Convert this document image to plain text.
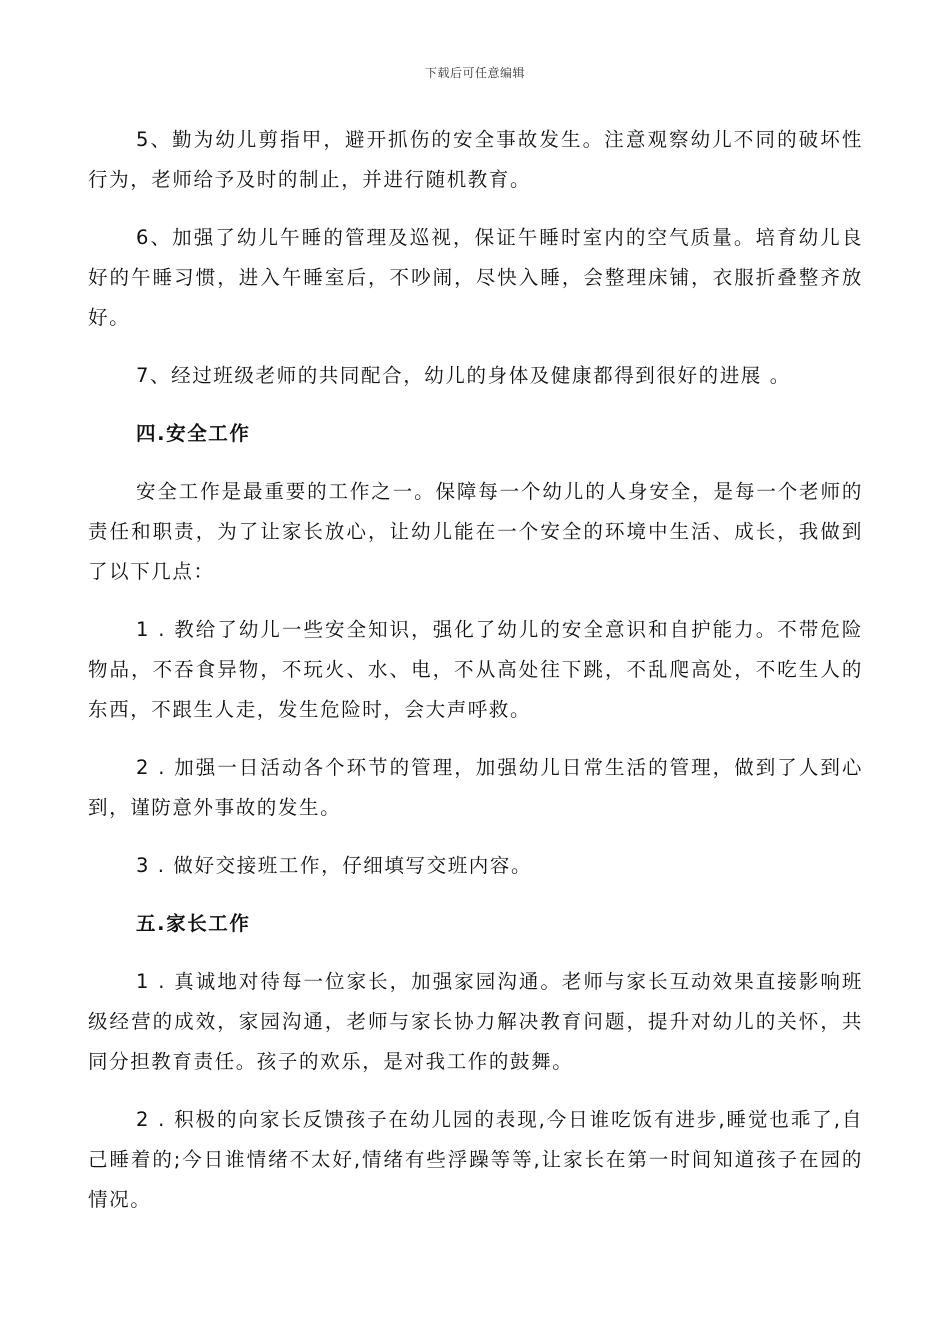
下载后可任意编辑

5、勤为幼儿剪指甲，避开抓伤的安全事故发生。注意观察幼儿不同的破坏性行为，老师给予及时的制止，并进行随机教育。

6、加强了幼儿午睡的管理及巡视，保证午睡时室内的空气质量。培育幼儿良好的午睡习惯，进入午睡室后，不吵闹，尽快入睡，会整理床铺，衣服折叠整齐放好。

7、经过班级老师的共同配合，幼儿的身体及健康都得到很好的进展 。

四.安全工作

安全工作是最重要的工作之一。保障每一个幼儿的人身安全，是每一个老师的责任和职责，为了让家长放心，让幼儿能在一个安全的环境中生活、成长，我做到了以下几点：

1 . 教给了幼儿一些安全知识，强化了幼儿的安全意识和自护能力。不带危险物品，不吞食异物，不玩火、水、电，不从高处往下跳，不乱爬高处，不吃生人的东西，不跟生人走，发生危险时，会大声呼救。

2 . 加强一日活动各个环节的管理，加强幼儿日常生活的管理，做到了人到心到，谨防意外事故的发生。

3 . 做好交接班工作，仔细填写交班内容。

五.家长工作

1 . 真诚地对待每一位家长，加强家园沟通。老师与家长互动效果直接影响班级经营的成效，家园沟通，老师与家长协力解决教育问题，提升对幼儿的关怀，共同分担教育责任。孩子的欢乐，是对我工作的鼓舞。

2 . 积极的向家长反馈孩子在幼儿园的表现,今日谁吃饭有进步,睡觉也乖了,自己睡着的;今日谁情绪不太好,情绪有些浮躁等等,让家长在第一时间知道孩子在园的情况。
